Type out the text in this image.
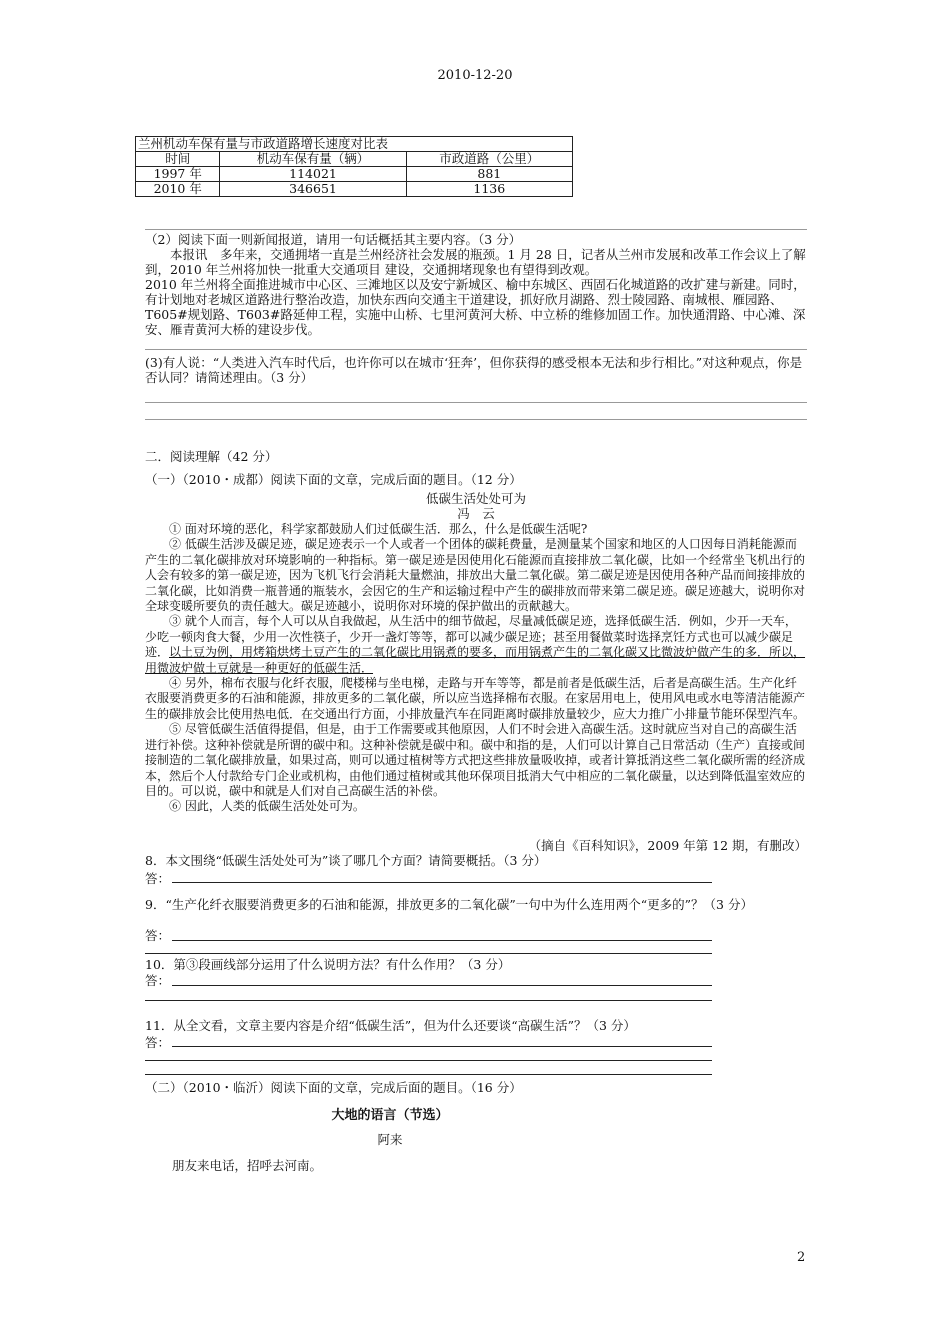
2010-12-20
兰州机动车保有量与市政道路增长速度对比表		
时间	机动车保有量（辆）	市政道路（公里）
1997 年	114021	881
2010 年	346651	1136
（2）阅读下面一则新闻报道，请用一句话概括其主要内容。（3 分）

本报讯　多年来，交通拥堵一直是兰州经济社会发展的瓶颈。1 月 28 日，记者从兰州市发展和改革工作会议上了解到，2010 年兰州将加快一批重大交通项目 建设，交通拥堵现象也有望得到改观。

2010 年兰州将全面推进城市中心区、三滩地区以及安宁新城区、榆中东城区、西固石化城道路的改扩建与新建。同时，有计划地对老城区道路进行整治改造，加快东西向交通主干道建设，抓好欣月湖路、烈士陵园路、南城根、雁园路、T605#规划路、T603#路延伸工程，实施中山桥、七里河黄河大桥、中立桥的维修加固工作。加快通渭路、中心滩、深安、雁青黄河大桥的建设步伐。
(3)有人说：“人类进入汽车时代后，也许你可以在城市‘狂奔’，但你获得的感受根本无法和步行相比。”对这种观点，你是否认同？请简述理由。（3 分）
二．阅读理解（42 分）
（一）（2010・成都）阅读下面的文章，完成后面的题目。（12 分）
低碳生活处处可为
冯　云

① 面对环境的恶化，科学家都鼓励人们过低碳生活．那么，什么是低碳生活呢?

② 低碳生活涉及碳足迹，碳足迹表示一个人或者一个团体的碳耗费量，是测量某个国家和地区的人口因每日消耗能源而产生的二氧化碳排放对环境影响的一种指标。第一碳足迹是因使用化石能源而直接排放二氧化碳，比如一个经常坐飞机出行的人会有较多的第一碳足迹，因为飞机飞行会消耗大量燃油，排放出大量二氧化碳。第二碳足迹是因使用各种产品而间接排放的二氧化碳，比如消费一瓶普通的瓶装水，会因它的生产和运输过程中产生的碳排放而带来第二碳足迹。碳足迹越大，说明你对全球变暖所要负的责任越大。碳足迹越小，说明你对环境的保护做出的贡献越大。

③ 就个人而言，每个人可以从自我做起，从生活中的细节做起，尽量减低碳足迹，选择低碳生活．例如，少开一天车，少吃一顿肉食大餐，少用一次性筷子，少开一盏灯等等，都可以减少碳足迹；甚至用餐做菜时选择烹饪方式也可以减少碳足迹．以土豆为例，用烤箱烘烤土豆产生的二氧化碳比用锅煮的要多，而用锅煮产生的二氧化碳又比微波炉做产生的多．所以，用微波炉做土豆就是一种更好的低碳生活．

④ 另外，棉布衣服与化纤衣服，爬楼梯与坐电梯，走路与开车等等，都是前者是低碳生活，后者是高碳生活。生产化纤衣服要消费更多的石油和能源，排放更多的二氧化碳，所以应当选择棉布衣服。在家居用电上，使用风电或水电等清洁能源产生的碳排放会比使用热电低．在交通出行方面，小排放量汽车在同距离时碳排放量较少，应大力推广小排量节能环保型汽车。

⑤ 尽管低碳生活值得提倡，但是，由于工作需要或其他原因，人们不时会进入高碳生活。这时就应当对自己的高碳生活进行补偿。这种补偿就是所谓的碳中和。这种补偿就是碳中和。碳中和指的是，人们可以计算自己日常活动（生产）直接或间接制造的二氧化碳排放量，如果过高，则可以通过植树等方式把这些排放量吸收掉，或者计算抵消这些二氧化碳所需的经济成本，然后个人付款给专门企业或机构，由他们通过植树或其他环保项目抵消大气中相应的二氧化碳量，以达到降低温室效应的目的。可以说，碳中和就是人们对自己高碳生活的补偿。

⑥ 因此，人类的低碳生活处处可为。

（摘自《百科知识》，2009 年第 12 期，有删改）
8．本文围绕“低碳生活处处可为”谈了哪几个方面？请简要概括。（3 分）
答：
9．“生产化纤衣服要消费更多的石油和能源，排放更多的二氧化碳”一句中为什么连用两个“更多的”？（3 分）
答：
10．第③段画线部分运用了什么说明方法？有什么作用？（3 分）
答：
11．从全文看，文章主要内容是介绍“低碳生活”，但为什么还要谈“高碳生活”？（3 分）
答：
（二）（2010・临沂）阅读下面的文章，完成后面的题目。（16 分）
大地的语言（节选）
阿来
朋友来电话，招呼去河南。
2
